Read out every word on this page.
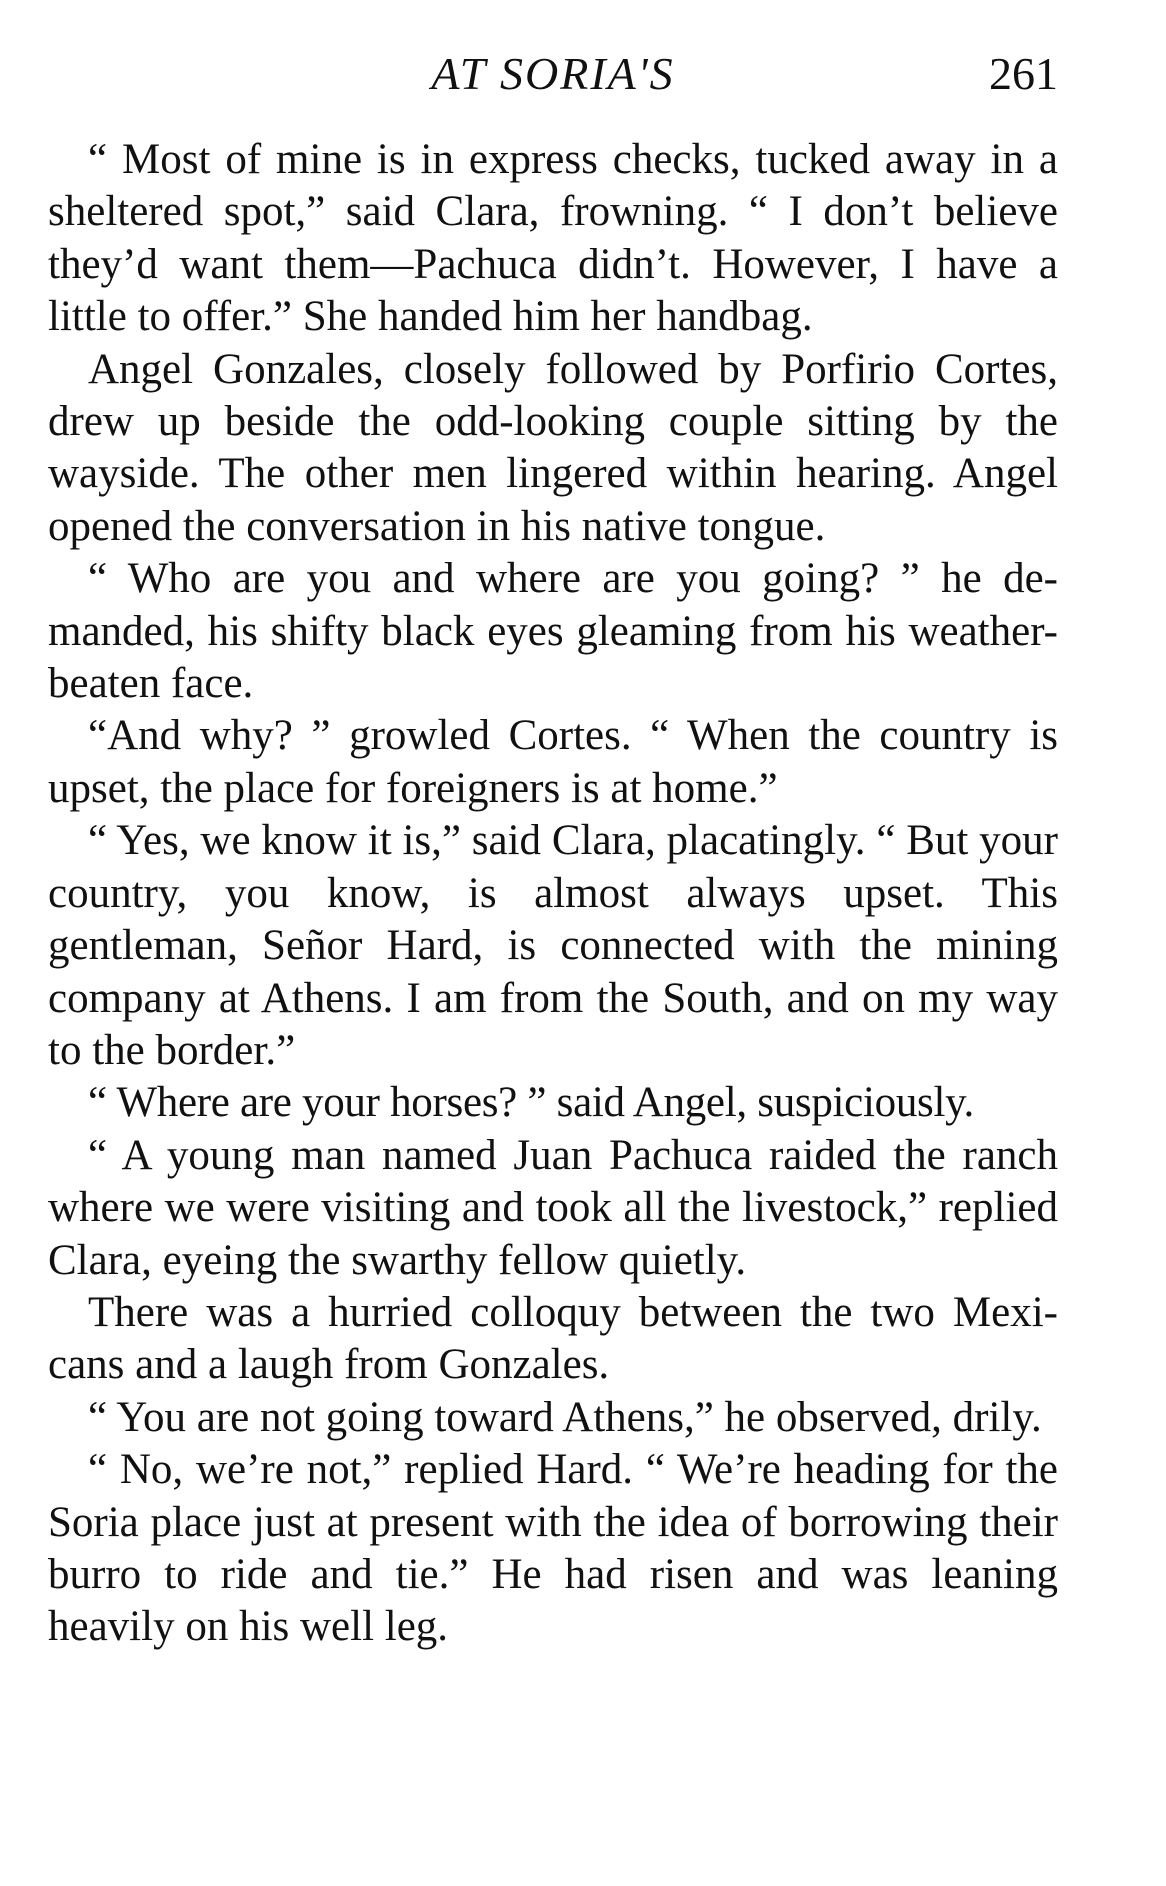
AT SORIA'S	261

“ Most of mine is in express checks, tucked away in a sheltered spot,” said Clara, frowning. “ I don’t believe they’d want them—Pachuca didn’t. However, I have a little to offer.” She handed him her handbag.

Angel Gonzales, closely followed by Porfirio Cortes, drew up beside the odd-looking couple sitting by the wayside. The other men lingered within hearing. Angel opened the conversation in his native tongue.

“ Who are you and where are you going? ” he demanded, his shifty black eyes gleaming from his weather-beaten face.

“And why? ” growled Cortes. “ When the country is upset, the place for foreigners is at home.”

“ Yes, we know it is,” said Clara, placatingly. “ But your country, you know, is almost always upset. This gentleman, Señor Hard, is connected with the mining company at Athens. I am from the South, and on my way to the border.”

“ Where are your horses? ” said Angel, suspiciously.

“ A young man named Juan Pachuca raided the ranch where we were visiting and took all the livestock,” replied Clara, eyeing the swarthy fellow quietly.

There was a hurried colloquy between the two Mexicans and a laugh from Gonzales.

“ You are not going toward Athens,” he observed, drily.

“ No, we’re not,” replied Hard. “ We’re heading for the Soria place just at present with the idea of borrowing their burro to ride and tie.” He had risen and was leaning heavily on his well leg.
